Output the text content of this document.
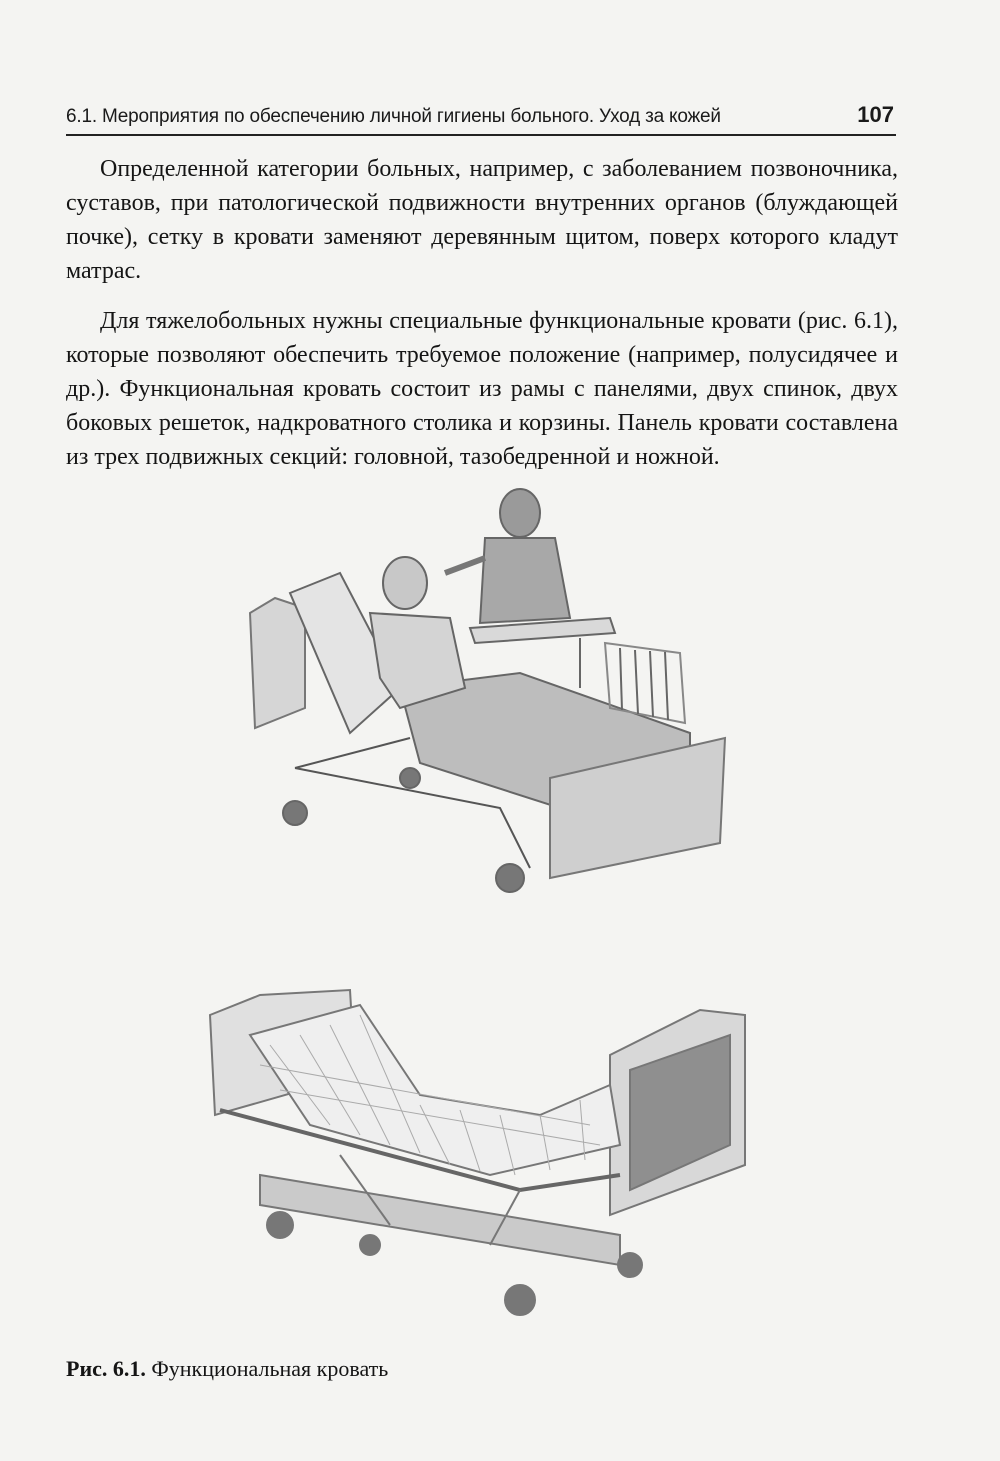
6.1. Мероприятия по обеспечению личной гигиены больного. Уход за кожей	107

Определенной категории больных, например, с заболеванием позвоночника, суставов, при патологической подвижности внутренних органов (блуждающей почке), сетку в кровати заменяют деревянным щитом, поверх которого кладут матрас.

Для тяжелобольных нужны специальные функциональные кровати (рис. 6.1), которые позволяют обеспечить требуемое положение (например, полусидячее и др.). Функциональная кровать состоит из рамы с панелями, двух спинок, двух боковых решеток, надкроватного столика и корзины. Панель кровати составлена из трех подвижных секций: головной, тазобедренной и ножной.

Рис. 6.1. Функциональная кровать
